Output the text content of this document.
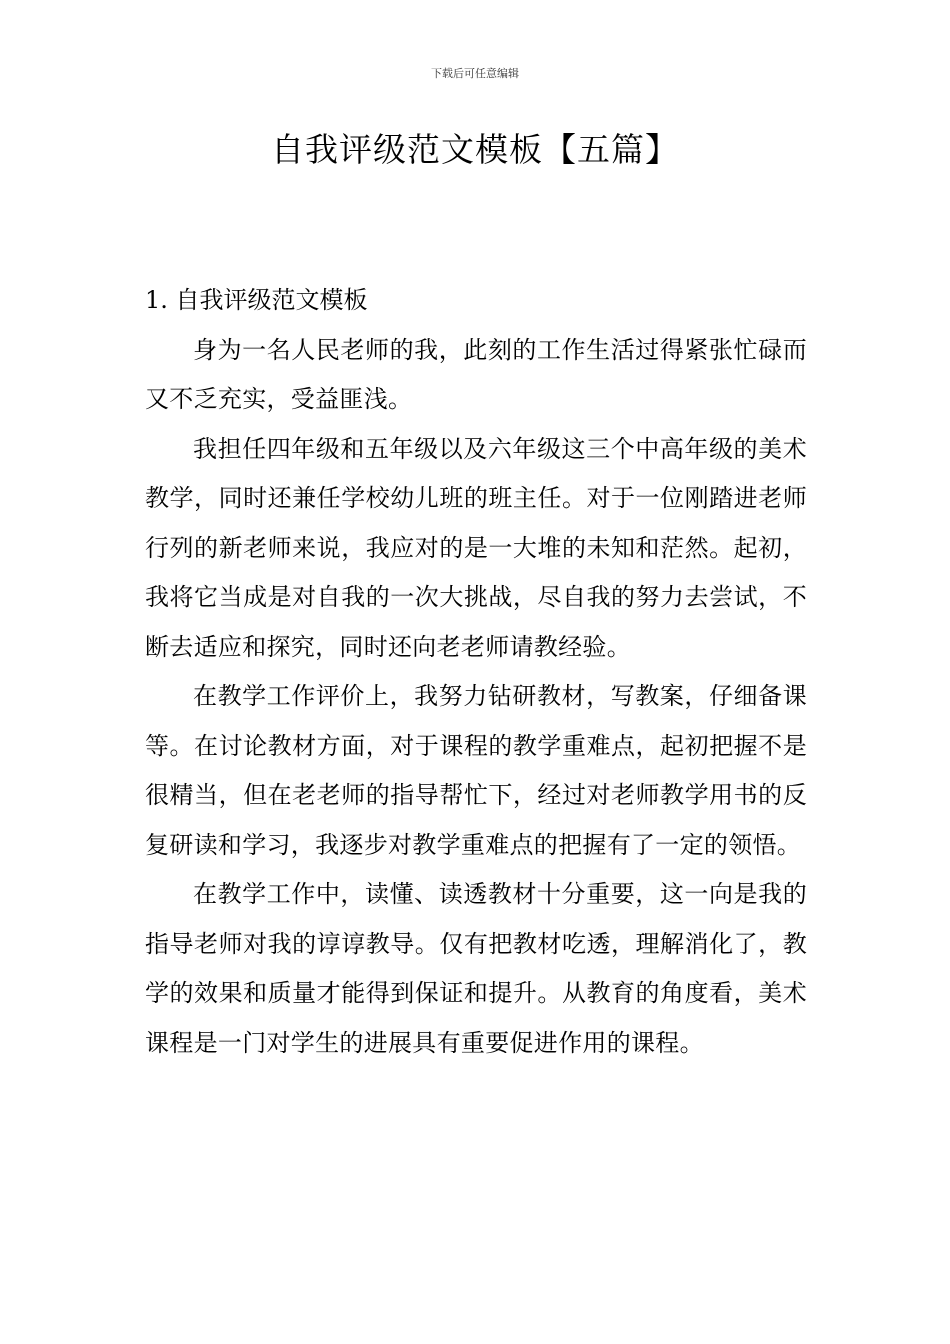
下载后可任意编辑
自我评级范文模板【五篇】
1. 自我评级范文模板

身为一名人民老师的我，此刻的工作生活过得紧张忙碌而又不乏充实，受益匪浅。

我担任四年级和五年级以及六年级这三个中高年级的美术教学，同时还兼任学校幼儿班的班主任。对于一位刚踏进老师行列的新老师来说，我应对的是一大堆的未知和茫然。起初，我将它当成是对自我的一次大挑战，尽自我的努力去尝试，不断去适应和探究，同时还向老老师请教经验。

在教学工作评价上，我努力钻研教材，写教案，仔细备课等。在讨论教材方面，对于课程的教学重难点，起初把握不是很精当，但在老老师的指导帮忙下，经过对老师教学用书的反复研读和学习，我逐步对教学重难点的把握有了一定的领悟。

在教学工作中，读懂、读透教材十分重要，这一向是我的指导老师对我的谆谆教导。仅有把教材吃透，理解消化了，教学的效果和质量才能得到保证和提升。从教育的角度看，美术课程是一门对学生的进展具有重要促进作用的课程。
